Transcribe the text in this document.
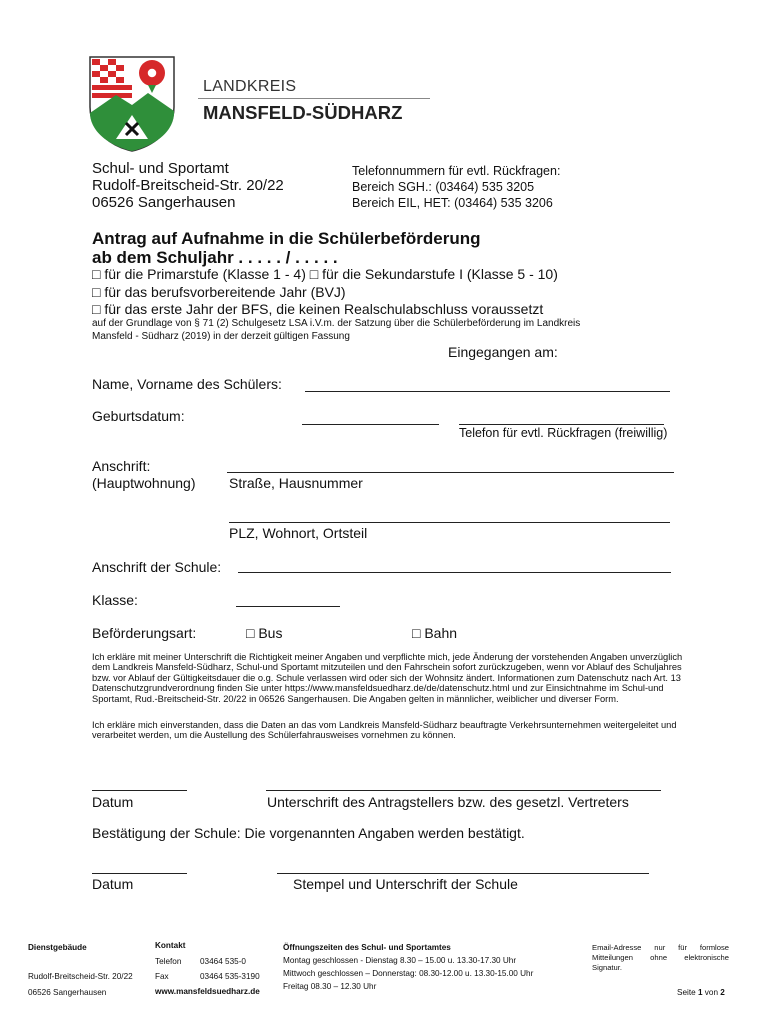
LANDKREIS
MANSFELD-SÜDHARZ
Schul- und Sportamt
Rudolf-Breitscheid-Str. 20/22
06526 Sangerhausen
Telefonnummern für evtl. Rückfragen:
Bereich SGH.: (03464) 535 3205
Bereich EIL, HET: (03464) 535 3206
Antrag auf Aufnahme in die Schülerbeförderung
ab dem Schuljahr . . . . . / . . . . .
□ für die Primarstufe (Klasse 1 - 4) □ für die Sekundarstufe I (Klasse 5 - 10)
□ für das berufsvorbereitende Jahr (BVJ)
□ für das erste Jahr der BFS, die keinen Realschulabschluss voraussetzt
auf der Grundlage von § 71 (2) Schulgesetz LSA i.V.m. der Satzung über die Schülerbeförderung im Landkreis
Mansfeld - Südharz (2019) in der derzeit gültigen Fassung
Eingegangen am:
Name, Vorname des Schülers:
Geburtsdatum:
Telefon für evtl. Rückfragen (freiwillig)
Anschrift:
(Hauptwohnung) Straße, Hausnummer
PLZ, Wohnort, Ortsteil
Anschrift der Schule:
Klasse:
Beförderungsart:	□ Bus	□ Bahn
Ich erkläre mit meiner Unterschrift die Richtigkeit meiner Angaben und verpflichte mich, jede Änderung der vorstehenden Angaben unverzüglich dem Landkreis Mansfeld-Südharz, Schul-und Sportamt mitzuteilen und den Fahrschein sofort zurückzugeben, wenn vor Ablauf des Schuljahres bzw. vor Ablauf der Gültigkeitsdauer die o.g. Schule verlassen wird oder sich der Wohnsitz ändert. Informationen zum Datenschutz nach Art. 13 Datenschutzgrundverordnung finden Sie unter https://www.mansfeldsuedharz.de/de/datenschutz.html und zur Einsichtnahme im Schul-und Sportamt, Rud.-Breitscheid-Str. 20/22 in 06526 Sangerhausen. Die Angaben gelten in männlicher, weiblicher und diverser Form.
Ich erkläre mich einverstanden, dass die Daten an das vom Landkreis Mansfeld-Südharz beauftragte Verkehrsunternehmen weitergeleitet und verarbeitet werden, um die Austellung des Schülerfahrausweises vornehmen zu können.
Datum	Unterschrift des Antragstellers bzw. des gesetzl. Vertreters
Bestätigung der Schule: Die vorgenannten Angaben werden bestätigt.
Datum	Stempel und Unterschrift der Schule
Dienstgebäude
Rudolf-Breitscheid-Str. 20/22
06526 Sangerhausen
Kontakt
Telefon 03464 535-0
Fax	03464 535-3190
www.mansfeldsuedharz.de
Öffnungszeiten des Schul- und Sportamtes
Montag geschlossen - Dienstag 8.30 – 15.00 u. 13.30-17.30 Uhr
Mittwoch geschlossen – Donnerstag: 08.30-12.00 u. 13.30-15.00 Uhr
Freitag 08.30 – 12.30 Uhr
Email-Adresse nur für formlose Mitteilungen ohne elektronische Signatur.
Seite 1 von 2
